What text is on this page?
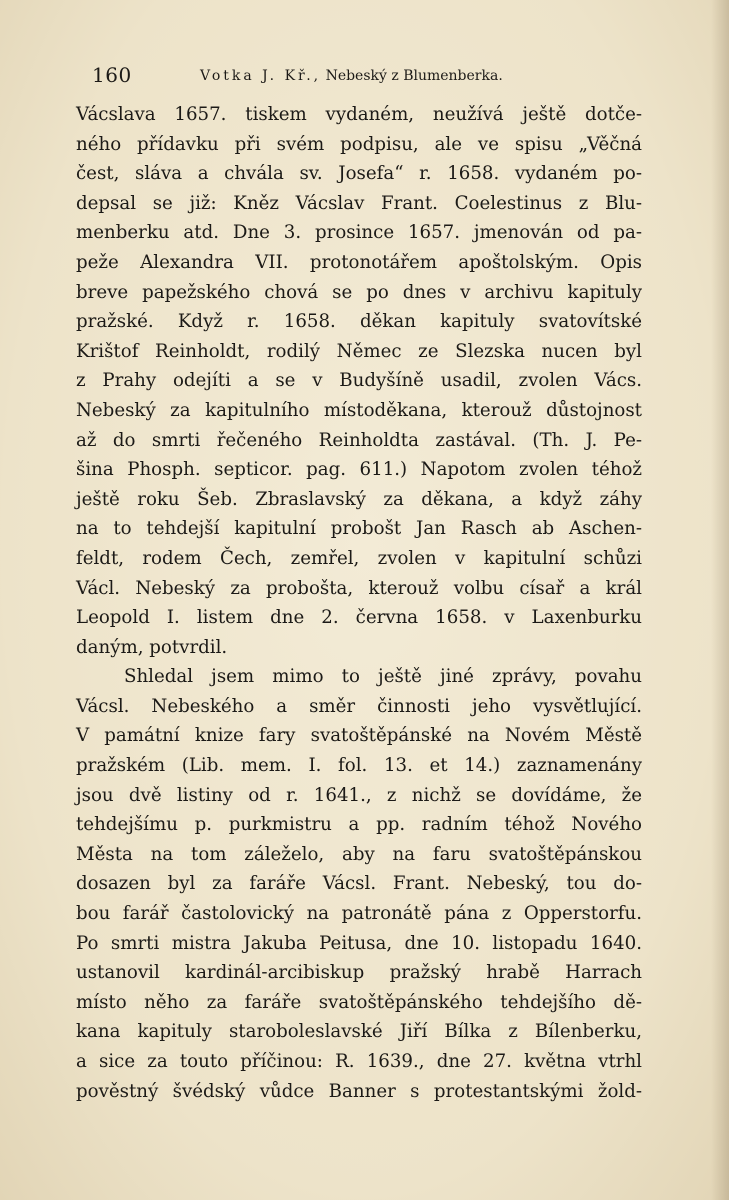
160	Votka J. Kř., Nebeský z Blumenberka.
Vácslava 1657. tiskem vydaném, neužívá ještě dotče-
ného přídavku při svém podpisu, ale ve spisu „Věčná
čest, sláva a chvála sv. Josefa“ r. 1658. vydaném po-
depsal se již: Kněz Vácslav Frant. Coelestinus z Blu-
menberku atd. Dne 3. prosince 1657. jmenován od pa-
peže Alexandra VII. protonotářem apoštolským. Opis
breve papežského chová se po dnes v archivu kapituly
pražské. Když r. 1658. děkan kapituly svatovítské
Krištof Reinholdt, rodilý Němec ze Slezska nucen byl
z Prahy odejíti a se v Budyšíně usadil, zvolen Vács.
Nebeský za kapitulního místoděkana, kterouž důstojnost
až do smrti řečeného Reinholdta zastával. (Th. J. Pe-
šina Phosph. septicor. pag. 611.) Napotom zvolen téhož
ještě roku Šeb. Zbraslavský za děkana, a když záhy
na to tehdejší kapitulní probošt Jan Rasch ab Aschen-
feldt, rodem Čech, zemřel, zvolen v kapitulní schůzi
Václ. Nebeský za probošta, kterouž volbu císař a král
Leopold I. listem dne 2. června 1658. v Laxenburku
daným, potvrdil.
Shledal jsem mimo to ještě jiné zprávy, povahu
Vácsl. Nebeského a směr činnosti jeho vysvětlující.
V památní knize fary svatoštěpánské na Novém Městě
pražském (Lib. mem. I. fol. 13. et 14.) zaznamenány
jsou dvě listiny od r. 1641., z nichž se dovídáme, že
tehdejšímu p. purkmistru a pp. radním téhož Nového
Města na tom záleželo, aby na faru svatoštěpánskou
dosazen byl za faráře Vácsl. Frant. Nebeský, tou do-
bou farář častolovický na patronátě pána z Opperstorfu.
Po smrti mistra Jakuba Peitusa, dne 10. listopadu 1640.
ustanovil kardinál-arcibiskup pražský hrabě Harrach
místo něho za faráře svatoštěpánského tehdejšího dě-
kana kapituly staroboleslavské Jiří Bílka z Bílenberku,
a sice za touto příčinou: R. 1639., dne 27. května vtrhl
pověstný švédský vůdce Banner s protestantskými žold-
